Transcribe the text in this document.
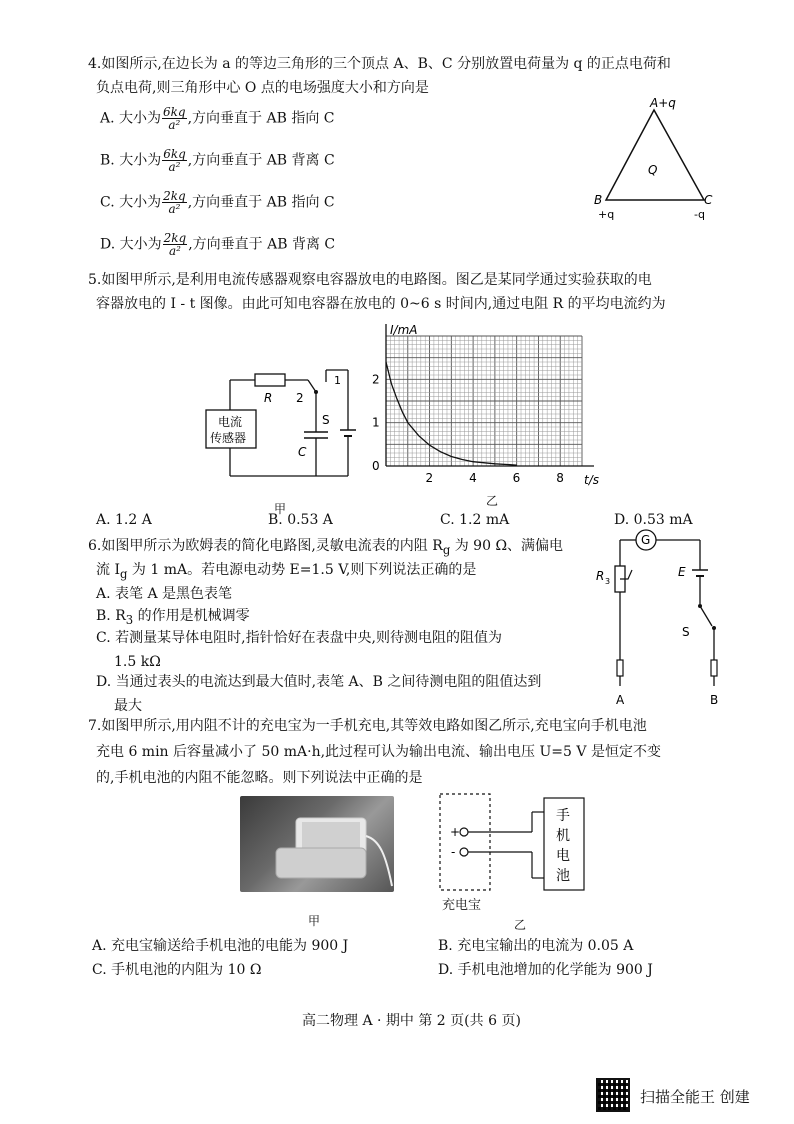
4.如图所示,在边长为 a 的等边三角形的三个顶点 A、B、C 分别放置电荷量为 q 的正点电荷和
负点电荷,则三角形中心 O 点的电场强度大小和方向是
A. 大小为 $\frac{6kq}{\text{a²}}$ ,方向垂直于 AB 指向 C
B. 大小为 $\frac{6kq}{\text{a²}}$ ,方向垂直于 AB 背离 C
C. 大小为 $\frac{2kq}{\text{a²}}$ ,方向垂直于 AB 指向 C
D. 大小为 $\frac{2kq}{\text{a²}}$ ,方向垂直于 AB 背离 C
A+q
B
+q
C
-q
Q
5.如图甲所示,是利用电流传感器观察电容器放电的电路图。图乙是某同学通过实验获取的电
容器放电的 I - t 图像。由此可知电容器在放电的 0~6 s 时间内,通过电阻 R 的平均电流约为
R 2
电流
传感器
S
C
1
甲
I/mA
t/s
2	4	6	8
0
1
2
乙
A. 1.2 A	B. 0.53 A	C. 1.2 mA	D. 0.53 mA
6.如图甲所示为欧姆表的简化电路图,灵敏电流表的内阻 $R_g$ 为 90 Ω、满偏电
流 $I_g$ 为 1 mA。若电源电动势 E=1.5 V,则下列说法正确的是
A. 表笔 A 是黑色表笔
B. $R_3$ 的作用是机械调零
C. 若测量某导体电阻时,指针恰好在表盘中央,则待测电阻的阻值为
1.5 kΩ
D. 当通过表头的电流达到最大值时,表笔 A、B 之间待测电阻的阻值达到
最大
G
R 3
A
E
S
B
7.如图甲所示,用内阻不计的充电宝为一手机充电,其等效电路如图乙所示,充电宝向手机电池
充电 6 min 后容量减小了 50 mA·h,此过程可认为输出电流、输出电压 U=5 V 是恒定不变
的,手机电池的内阻不能忽略。则下列说法中正确的是
甲
+
-
手
机
电
池
充电宝
乙
A. 充电宝输送给手机电池的电能为 900 J	B. 充电宝输出的电流为 0.05 A
C. 手机电池的内阻为 10 Ω	D. 手机电池增加的化学能为 900 J
高二物理 A · 期中 第 2 页(共 6 页)
扫描全能王 创建
